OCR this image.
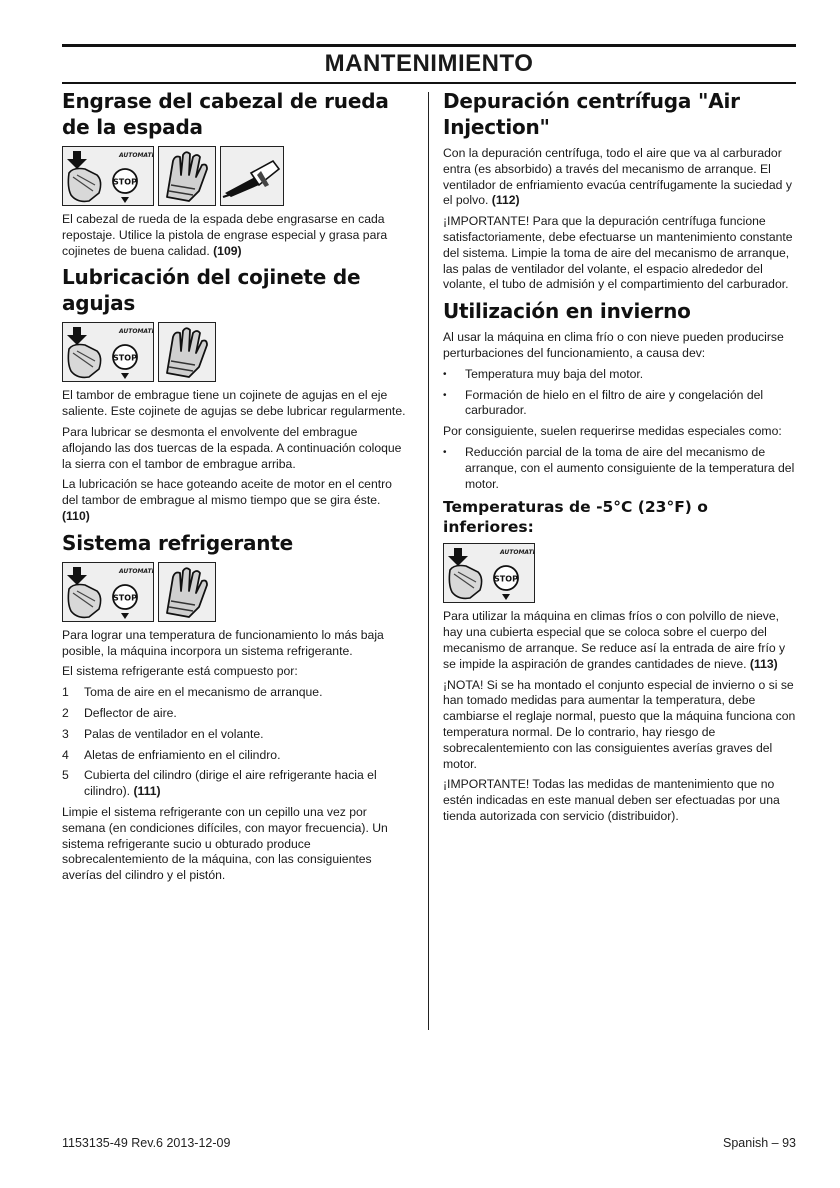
MANTENIMIENTO
Engrase del cabezal de rueda de la espada

El cabezal de rueda de la espada debe engrasarse en cada repostaje. Utilice la pistola de engrase especial y grasa para cojinetes de buena calidad. (109)

Lubricación del cojinete de agujas

El tambor de embrague tiene un cojinete de agujas en el eje saliente. Este cojinete de agujas se debe lubricar regularmente.

Para lubricar se desmonta el envolvente del embrague aflojando las dos tuercas de la espada. A continuación coloque la sierra con el tambor de embrague arriba.

La lubricación se hace goteando aceite de motor en el centro del tambor de embrague al mismo tiempo que se gira éste. (110)

Sistema refrigerante

Para lograr una temperatura de funcionamiento lo más baja posible, la máquina incorpora un sistema refrigerante.

El sistema refrigerante está compuesto por:

1	Toma de aire en el mecanismo de arranque.
2	Deflector de aire.
3	Palas de ventilador en el volante.
4	Aletas de enfriamiento en el cilindro.
5	Cubierta del cilindro (dirige el aire refrigerante hacia el cilindro). (111)

Limpie el sistema refrigerante con un cepillo una vez por semana (en condiciones difíciles, con mayor frecuencia). Un sistema refrigerante sucio u obturado produce sobrecalentemiento de la máquina, con las consiguientes averías del cilindro y el pistón.

Depuración centrífuga "Air Injection"

Con la depuración centrífuga, todo el aire que va al carburador entra (es absorbido) a través del mecanismo de arranque. El ventilador de enfriamiento evacúa centrífugamente la suciedad y el polvo. (112)

¡IMPORTANTE! Para que la depuración centrífuga funcione satisfactoriamente, debe efectuarse un mantenimiento constante del sistema. Limpie la toma de aire del mecanismo de arranque, las palas de ventilador del volante, el espacio alrededor del volante, el tubo de admisión y el compartimiento del carburador.

Utilización en invierno

Al usar la máquina en clima frío o con nieve pueden producirse perturbaciones del funcionamiento, a causa dev:

•	Temperatura muy baja del motor.
•	Formación de hielo en el filtro de aire y congelación del carburador.

Por consiguiente, suelen requerirse medidas especiales como:

•	Reducción parcial de la toma de aire del mecanismo de arranque, con el aumento consiguiente de la temperatura del motor.
Temperaturas de -5°C (23°F) o inferiores:

Para utilizar la máquina en climas fríos o con polvillo de nieve, hay una cubierta especial que se coloca sobre el cuerpo del mecanismo de arranque. Se reduce así la entrada de aire frío y se impide la aspiración de grandes cantidades de nieve. (113)

¡NOTA! Si se ha montado el conjunto especial de invierno o si se han tomado medidas para aumentar la temperatura, debe cambiarse el reglaje normal, puesto que la máquina funciona con temperatura normal. De lo contrario, hay riesgo de sobrecalentemiento con las consiguientes averías graves del motor.

¡IMPORTANTE! Todas las medidas de mantenimiento que no estén indicadas en este manual deben ser efectuadas por una tienda autorizada con servicio (distribuidor).

1153135-49 Rev.6 2013-12-09	Spanish – 93
